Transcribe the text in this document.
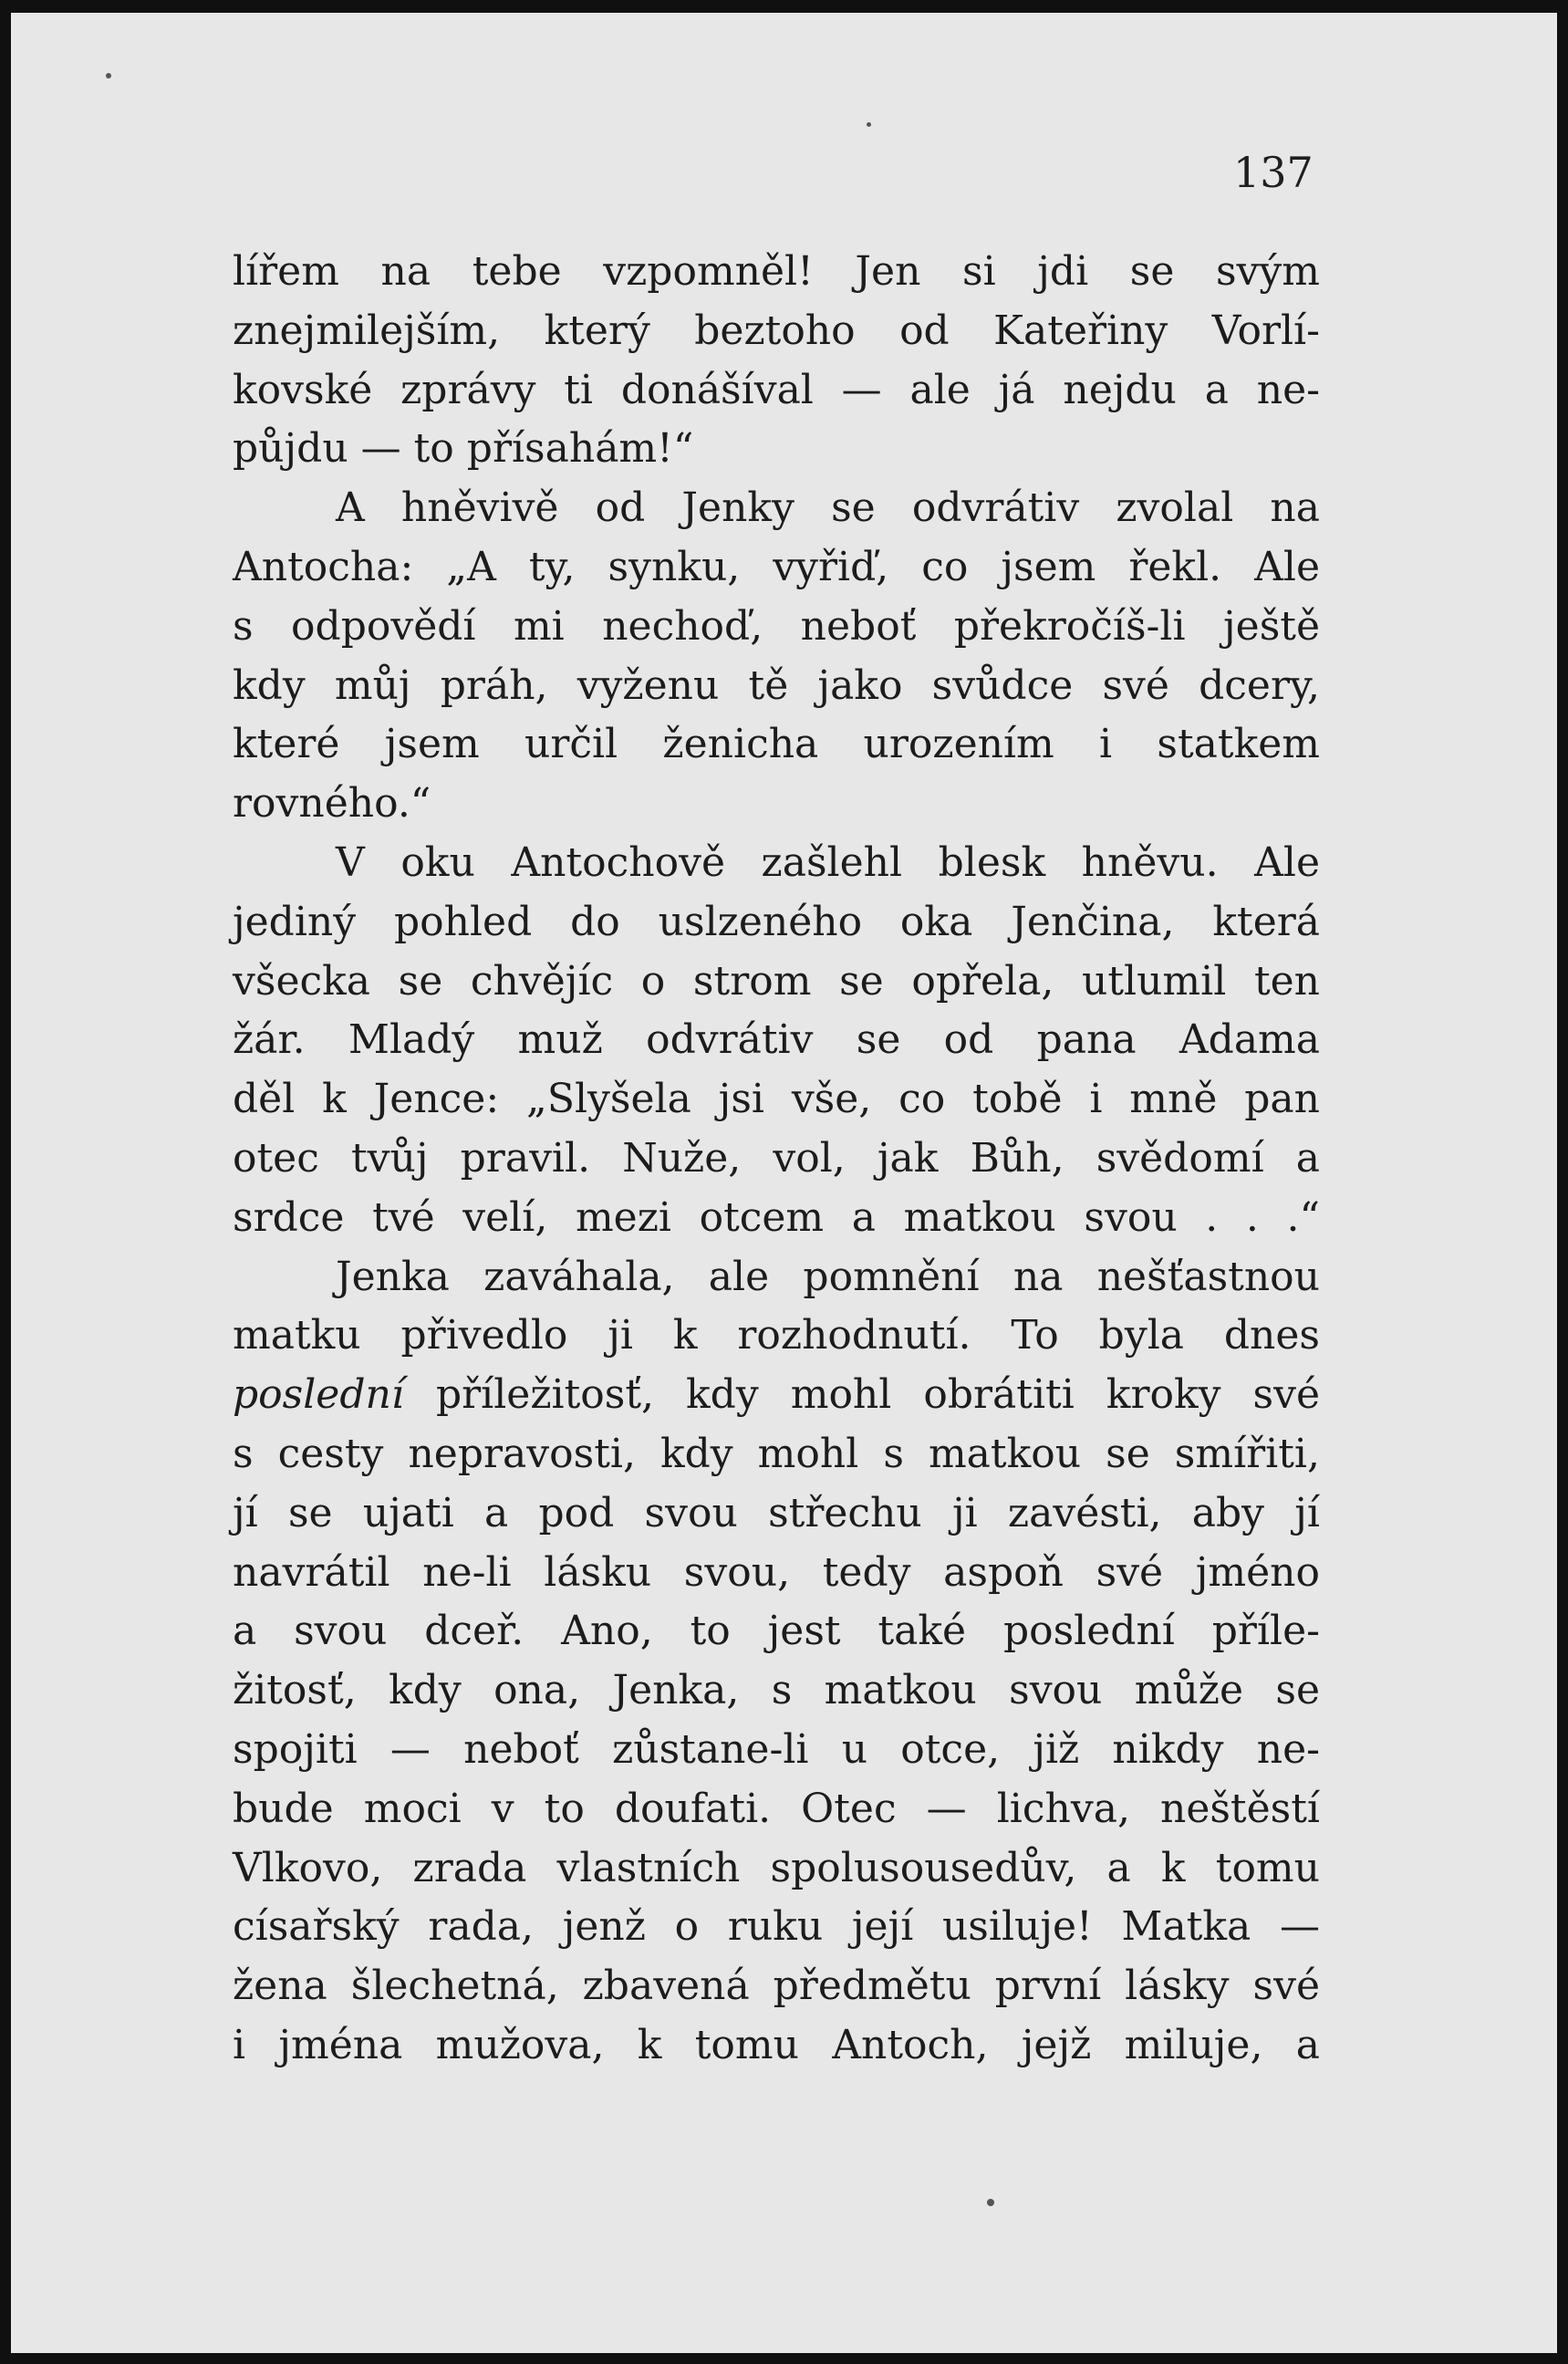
137
lířem na tebe vzpomněl! Jen si jdi se svým
znejmilejším, který beztoho od Kateřiny Vorlí-
kovské zprávy ti donášíval — ale já nejdu a ne-
půjdu — to přísahám!“
A hněvivě od Jenky se odvrátiv zvolal na
Antocha: „A ty, synku, vyřiď, co jsem řekl. Ale
s odpovědí mi nechoď, neboť překročíš-li ještě
kdy můj práh, vyženu tě jako svůdce své dcery,
které jsem určil ženicha urozením i statkem
rovného.“
V oku Antochově zašlehl blesk hněvu. Ale
jediný pohled do uslzeného oka Jenčina, která
všecka se chvějíc o strom se opřela, utlumil ten
žár. Mladý muž odvrátiv se od pana Adama
děl k Jence: „Slyšela jsi vše, co tobě i mně pan
otec tvůj pravil. Nuže, vol, jak Bůh, svědomí a
srdce tvé velí, mezi otcem a matkou svou . . .“
Jenka zaváhala, ale pomnění na nešťastnou
matku přivedlo ji k rozhodnutí. To byla dnes
poslední příležitosť, kdy mohl obrátiti kroky své
s cesty nepravosti, kdy mohl s matkou se smířiti,
jí se ujati a pod svou střechu ji zavésti, aby jí
navrátil ne-li lásku svou, tedy aspoň své jméno
a svou dceř. Ano, to jest také poslední příle-
žitosť, kdy ona, Jenka, s matkou svou může se
spojiti — neboť zůstane-li u otce, již nikdy ne-
bude moci v to doufati. Otec — lichva, neštěstí
Vlkovo, zrada vlastních spolusousedův, a k tomu
císařský rada, jenž o ruku její usiluje! Matka —
žena šlechetná, zbavená předmětu první lásky své
i jména mužova, k tomu Antoch, jejž miluje, a
